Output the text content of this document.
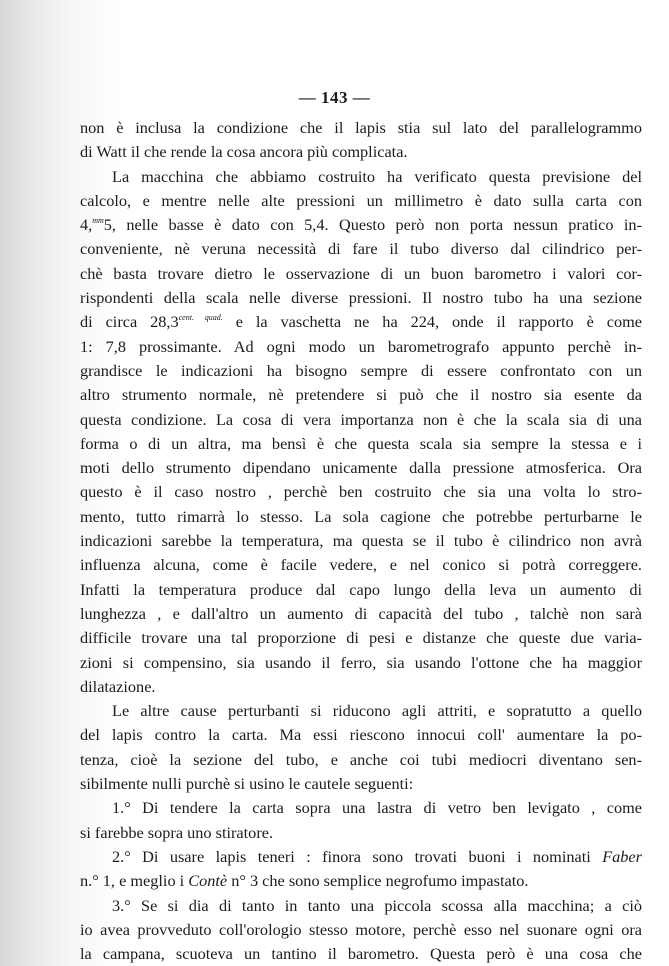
— 143 —
non è inclusa la condizione che il lapis stia sul lato del parallelogrammo
di Watt il che rende la cosa ancora più complicata.
La macchina che abbiamo costruito ha verificato questa previsione del
calcolo, e mentre nelle alte pressioni un millimetro è dato sulla carta con
4,$^{mm}$5, nelle basse è dato con 5,4. Questo però non porta nessun pratico in-
conveniente, nè veruna necessità di fare il tubo diverso dal cilindrico per-
chè basta trovare dietro le osservazione di un buon barometro i valori cor-
rispondenti della scala nelle diverse pressioni. Il nostro tubo ha una sezione
di circa $28,3^{cent. quad.}$ e la vaschetta ne ha 224, onde il rapporto è come
1: 7,8 prossimante. Ad ogni modo un barometrografo appunto perchè in-
grandisce le indicazioni ha bisogno sempre di essere confrontato con un
altro strumento normale, nè pretendere si può che il nostro sia esente da
questa condizione. La cosa di vera importanza non è che la scala sia di una
forma o di un altra, ma bensì è che questa scala sia sempre la stessa e i
moti dello strumento dipendano unicamente dalla pressione atmosferica. Ora
questo è il caso nostro , perchè ben costruito che sia una volta lo stro-
mento, tutto rimarrà lo stesso. La sola cagione che potrebbe perturbarne le
indicazioni sarebbe la temperatura, ma questa se il tubo è cilindrico non avrà
influenza alcuna, come è facile vedere, e nel conico si potrà correggere.
Infatti la temperatura produce dal capo lungo della leva un aumento di
lunghezza , e dall'altro un aumento di capacità del tubo , talchè non sarà
difficile trovare una tal proporzione di pesi e distanze che queste due varia-
zioni si compensino, sia usando il ferro, sia usando l'ottone che ha maggior
dilatazione.
Le altre cause perturbanti si riducono agli attriti, e sopratutto a quello
del lapis contro la carta. Ma essi riescono innocui coll' aumentare la po-
tenza, cioè la sezione del tubo, e anche coi tubi mediocri diventano sen-
sibilmente nulli purchè si usino le cautele seguenti:
1.° Di tendere la carta sopra una lastra di vetro ben levigato , come
si farebbe sopra uno stiratore.
2.° Di usare lapis teneri : finora sono trovati buoni i nominati Faber
n.° 1, e meglio i Contè n° 3 che sono semplice negrofumo impastato.
3.° Se si dia di tanto in tanto una piccola scossa alla macchina; a ciò
io avea provveduto coll'orologio stesso motore, perchè esso nel suonare ogni ora
la campana, scuoteva un tantino il barometro. Questa però è una cosa che
